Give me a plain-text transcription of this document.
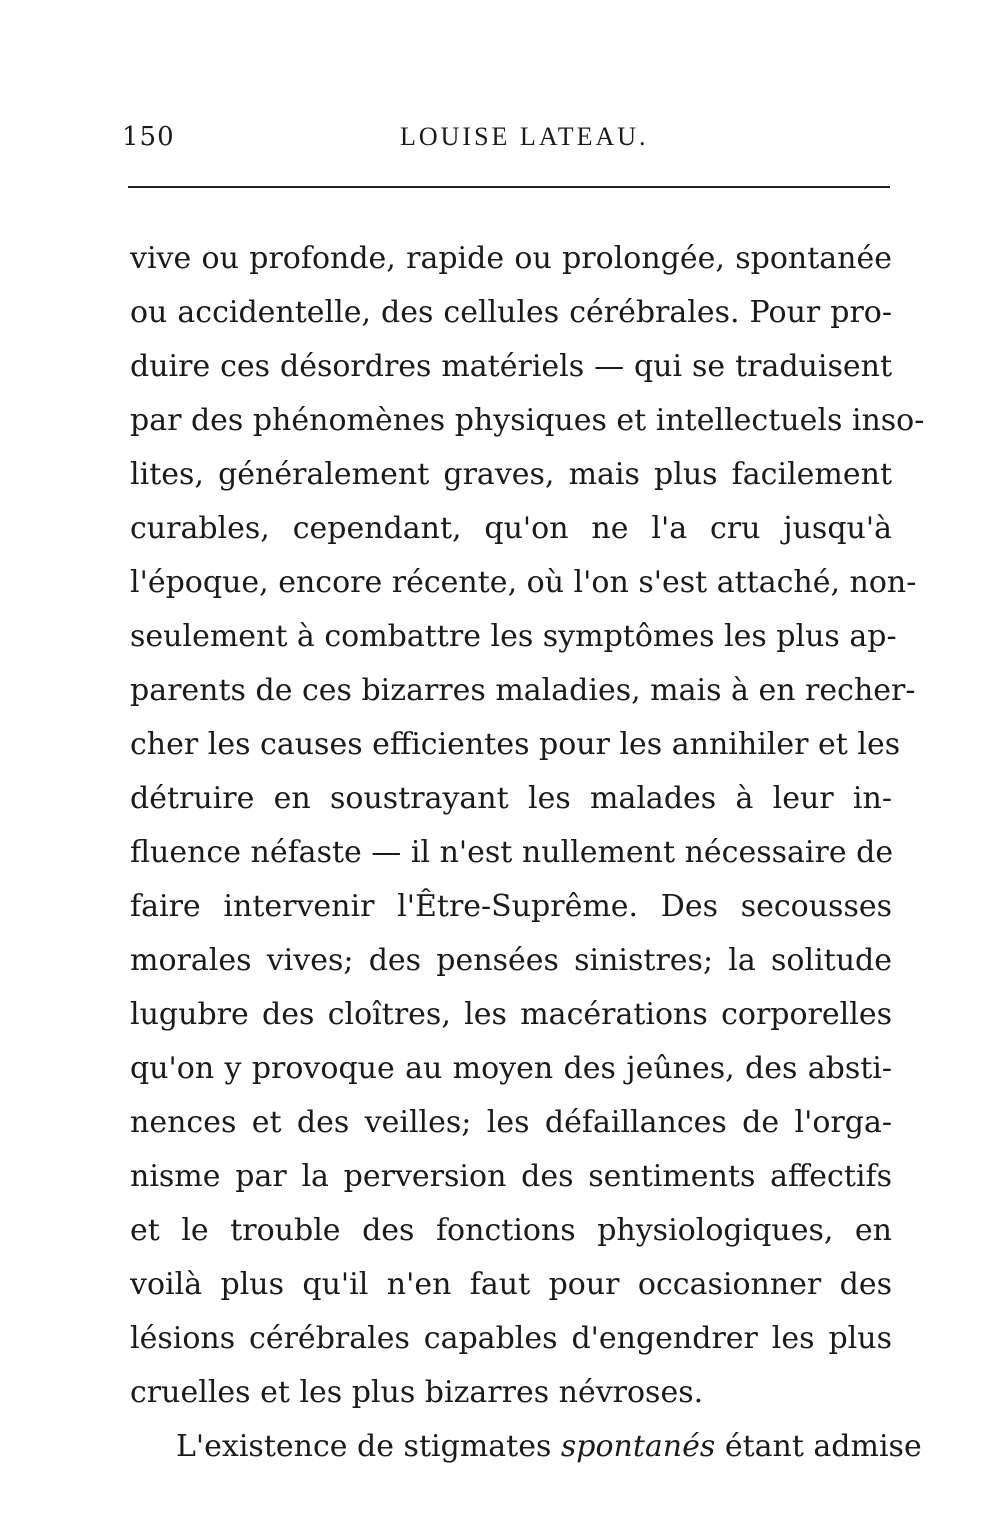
150	LOUISE LATEAU.
vive ou profonde, rapide ou prolongée, spontanée
ou accidentelle, des cellules cérébrales. Pour pro-
duire ces désordres matériels — qui se traduisent
par des phénomènes physiques et intellectuels inso-
lites, généralement graves, mais plus facilement
curables, cependant, qu'on ne l'a cru jusqu'à
l'époque, encore récente, où l'on s'est attaché, non-
seulement à combattre les symptômes les plus ap-
parents de ces bizarres maladies, mais à en recher-
cher les causes efficientes pour les annihiler et les
détruire en soustrayant les malades à leur in-
fluence néfaste — il n'est nullement nécessaire de
faire intervenir l'Être-Suprême. Des secousses
morales vives; des pensées sinistres; la solitude
lugubre des cloîtres, les macérations corporelles
qu'on y provoque au moyen des jeûnes, des absti-
nences et des veilles; les défaillances de l'orga-
nisme par la perversion des sentiments affectifs
et le trouble des fonctions physiologiques, en
voilà plus qu'il n'en faut pour occasionner des
lésions cérébrales capables d'engendrer les plus
cruelles et les plus bizarres névroses.
L'existence de stigmates spontanés étant admise
